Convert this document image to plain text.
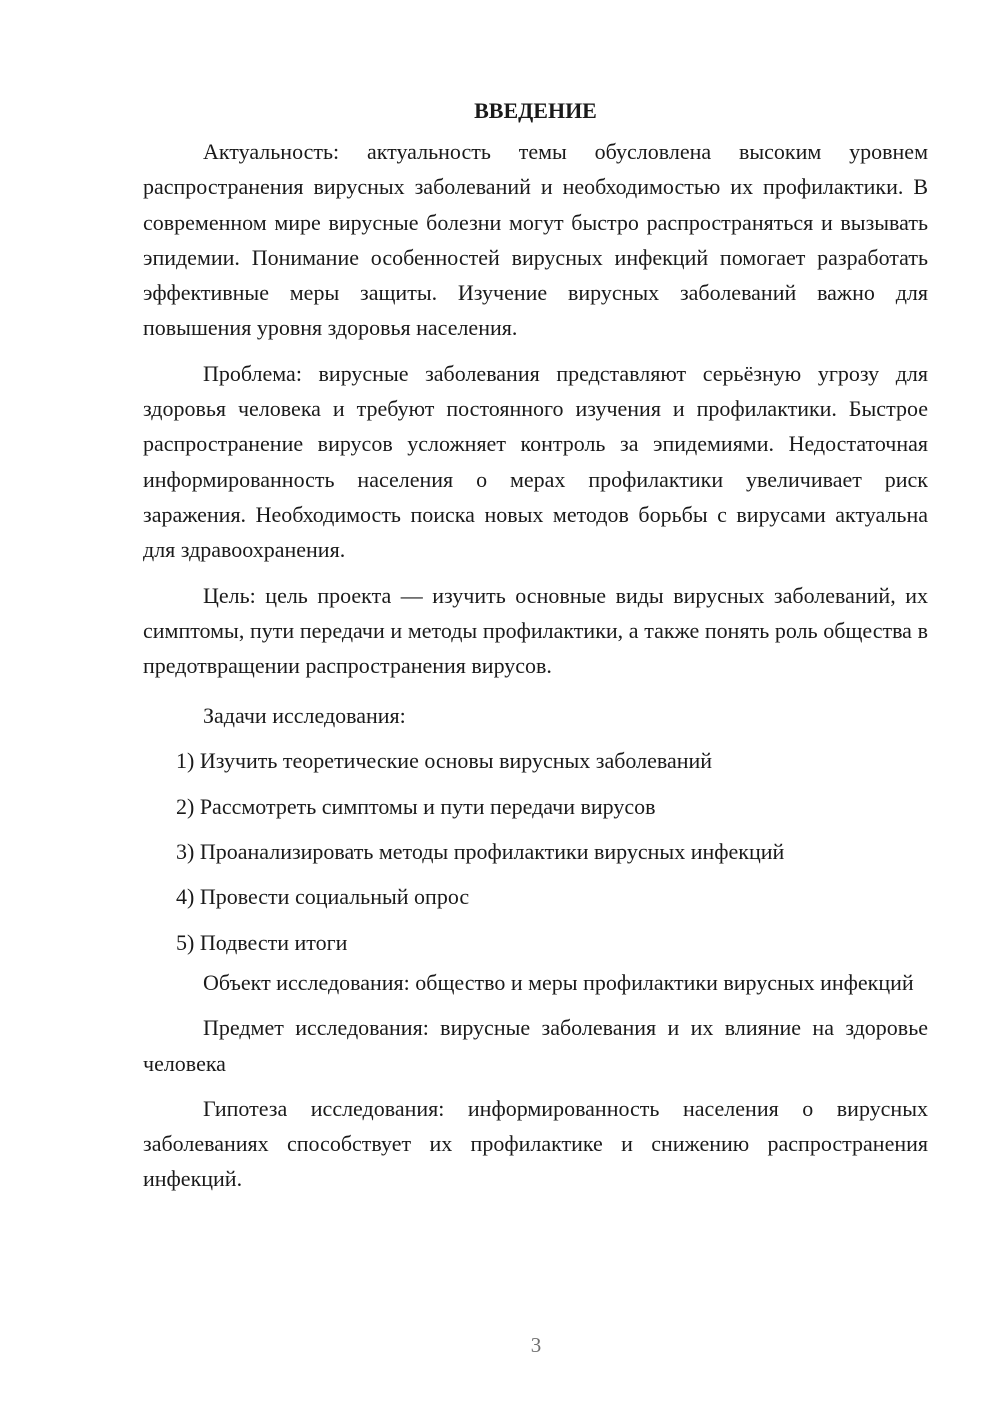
ВВЕДЕНИЕ

Актуальность: актуальность темы обусловлена высоким уровнем распространения вирусных заболеваний и необходимостью их профилактики. В современном мире вирусные болезни могут быстро распространяться и вызывать эпидемии. Понимание особенностей вирусных инфекций помогает разработать эффективные меры защиты. Изучение вирусных заболеваний важно для повышения уровня здоровья населения.

Проблема: вирусные заболевания представляют серьёзную угрозу для здоровья человека и требуют постоянного изучения и профилактики. Быстрое распространение вирусов усложняет контроль за эпидемиями. Недостаточная информированность населения о мерах профилактики увеличивает риск заражения. Необходимость поиска новых методов борьбы с вирусами актуальна для здравоохранения.

Цель: цель проекта — изучить основные виды вирусных заболеваний, их симптомы, пути передачи и методы профилактики, а также понять роль общества в предотвращении распространения вирусов.

Задачи исследования:

1) Изучить теоретические основы вирусных заболеваний

2) Рассмотреть симптомы и пути передачи вирусов

3) Проанализировать методы профилактики вирусных инфекций

4) Провести социальный опрос

5) Подвести итоги

Объект исследования: общество и меры профилактики вирусных инфекций

Предмет исследования: вирусные заболевания и их влияние на здоровье человека

Гипотеза исследования: информированность населения о вирусных заболеваниях способствует их профилактике и снижению распространения инфекций.

3
